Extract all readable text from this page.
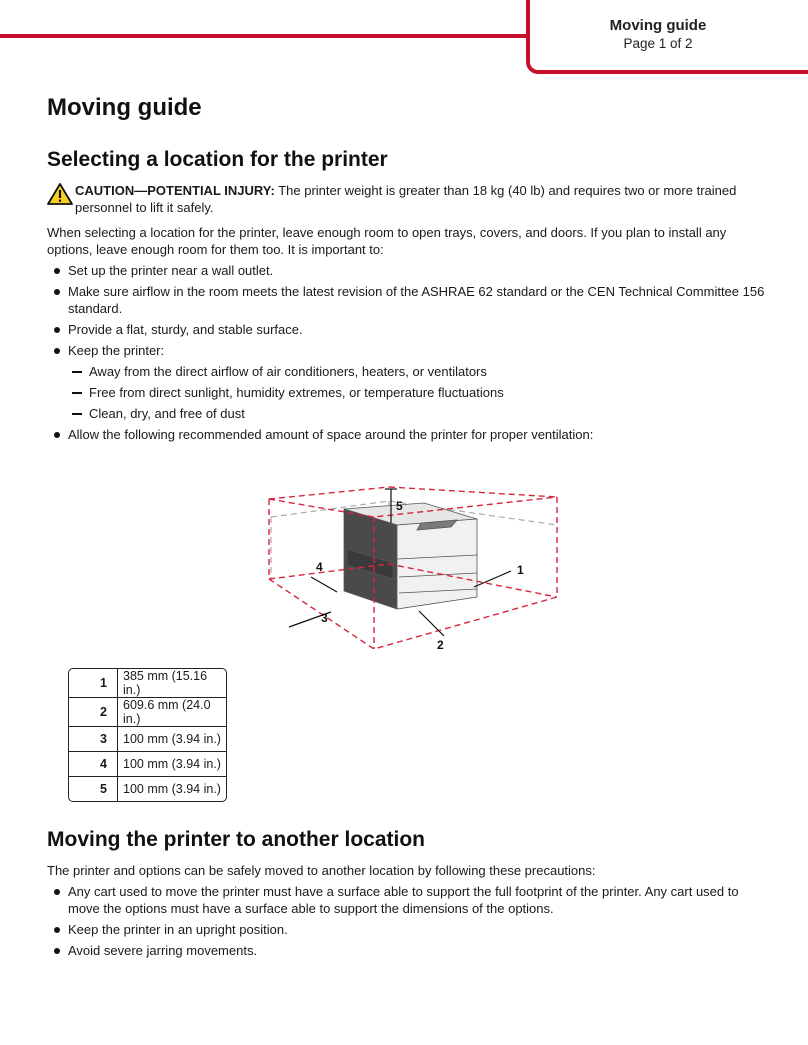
Moving guide
Page 1 of 2
Moving guide
Selecting a location for the printer

CAUTION—POTENTIAL INJURY: The printer weight is greater than 18 kg (40 lb) and requires two or more trained personnel to lift it safely.

When selecting a location for the printer, leave enough room to open trays, covers, and doors. If you plan to install any options, leave enough room for them too. It is important to:

Set up the printer near a wall outlet.
Make sure airflow in the room meets the latest revision of the ASHRAE 62 standard or the CEN Technical Committee 156 standard.
Provide a flat, sturdy, and stable surface.
Keep the printer:
Away from the direct airflow of air conditioners, heaters, or ventilators
Free from direct sunlight, humidity extremes, or temperature fluctuations
Clean, dry, and free of dust
Allow the following recommended amount of space around the printer for proper ventilation:
5
1
4
3
2
1	385 mm (15.16 in.)
2	609.6 mm (24.0 in.)
3	100 mm (3.94 in.)
4	100 mm (3.94 in.)
5	100 mm (3.94 in.)
Moving the printer to another location

The printer and options can be safely moved to another location by following these precautions:

Any cart used to move the printer must have a surface able to support the full footprint of the printer. Any cart used to move the options must have a surface able to support the dimensions of the options.
Keep the printer in an upright position.
Avoid severe jarring movements.
